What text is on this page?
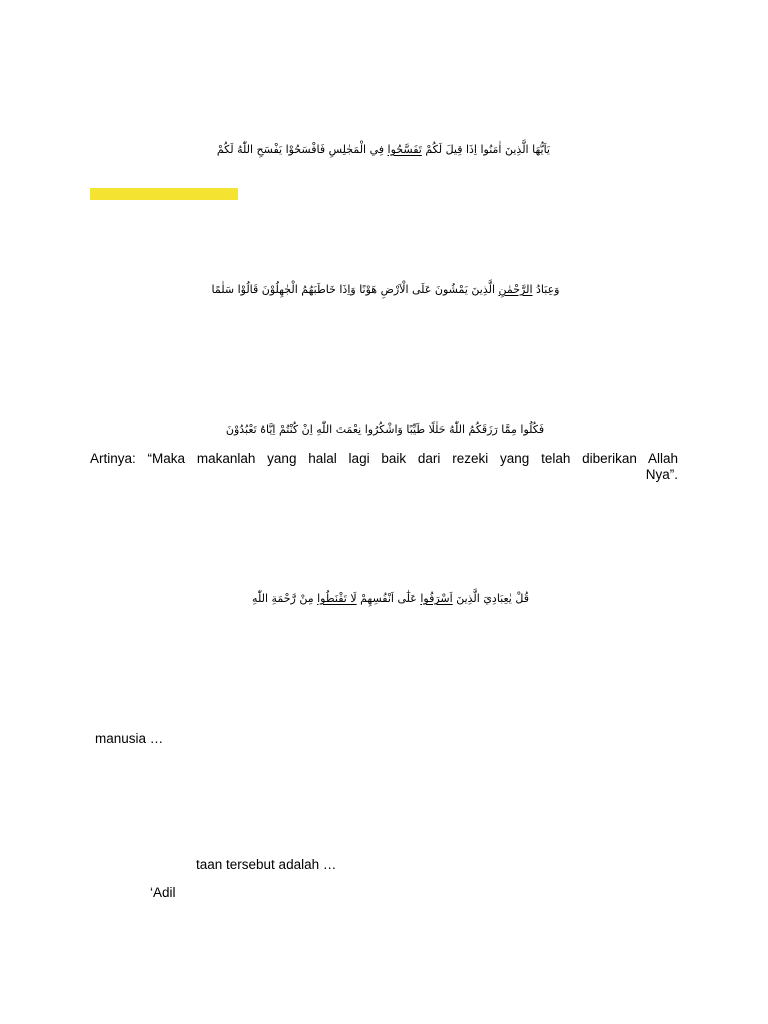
يَاَيُّهَا الَّذِينَ اٰمَنُوا اِذَا قِيلَ لَكُمْ تَفَسَّحُوا فِي الْمَجٰلِسِ فَافْسَحُوْا يَفْسَحِ اللّٰهُ لَكُمْ
وَعِبَادُ الرَّحْمٰنِ الَّذِينَ يَمْشُونَ عَلَى الْاَرْضِ هَوْنًا وَاِذَا خَاطَبَهُمُ الْجٰهِلُوْنَ قَالُوْا سَلٰمًا
فَكُلُوا مِمَّا رَزَقَكُمُ اللّٰهُ حَلٰلًا طَيِّبًا وَاشْكُرُوا نِعْمَتَ اللّٰهِ اِنْ كُنْتُمْ اِيَّاهُ تَعْبُدُوْنَ
Artinya: “Maka makanlah yang halal lagi baik dari rezeki yang telah diberikan Allah
Nya”.
قُلْ يٰعِبَادِيَ الَّذِينَ اَسْرَفُوا عَلٰٓى اَنْفُسِهِمْ لَا تَقْنَطُوا مِنْ رَّحْمَةِ اللّٰهِ
manusia …
taan tersebut adalah …
‘Adil
